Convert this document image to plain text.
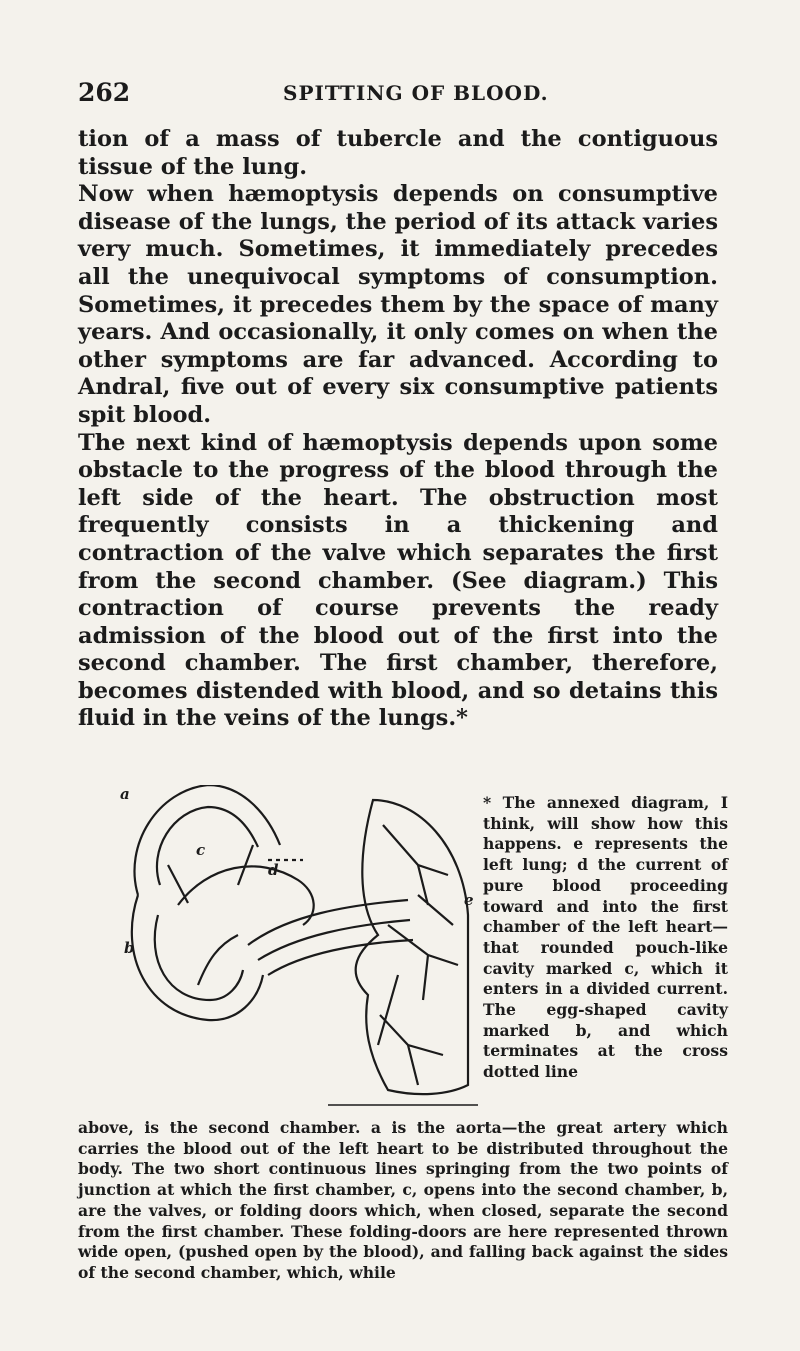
262	SPITTING OF BLOOD.

tion of a mass of tubercle and the contiguous tissue of the lung.

Now when hæmoptysis depends on consumptive disease of the lungs, the period of its attack varies very much. Sometimes, it immediately precedes all the unequivocal symptoms of consumption. Sometimes, it precedes them by the space of many years. And occasionally, it only comes on when the other symptoms are far advanced. According to Andral, five out of every six consumptive patients spit blood.

The next kind of hæmoptysis depends upon some obstacle to the progress of the blood through the left side of the heart. The obstruction most frequently consists in a thickening and contraction of the valve which separates the first from the second chamber. (See diagram.) This contraction of course prevents the ready admission of the blood out of the first into the second chamber. The first chamber, therefore, becomes distended with blood, and so detains this fluid in the veins of the lungs.*

a
b
c
d
e

* The annexed diagram, I think, will show how this happens. e represents the left lung; d the current of pure blood proceeding toward and into the first chamber of the left heart—that rounded pouch-like cavity marked c, which it enters in a divided current. The egg-shaped cavity marked b, and which terminates at the cross dotted line

above, is the second chamber. a is the aorta—the great artery which carries the blood out of the left heart to be distributed throughout the body. The two short continuous lines springing from the two points of junction at which the first chamber, c, opens into the second chamber, b, are the valves, or folding doors which, when closed, separate the second from the first chamber. These folding-doors are here represented thrown wide open, (pushed open by the blood), and falling back against the sides of the second chamber, which, while
